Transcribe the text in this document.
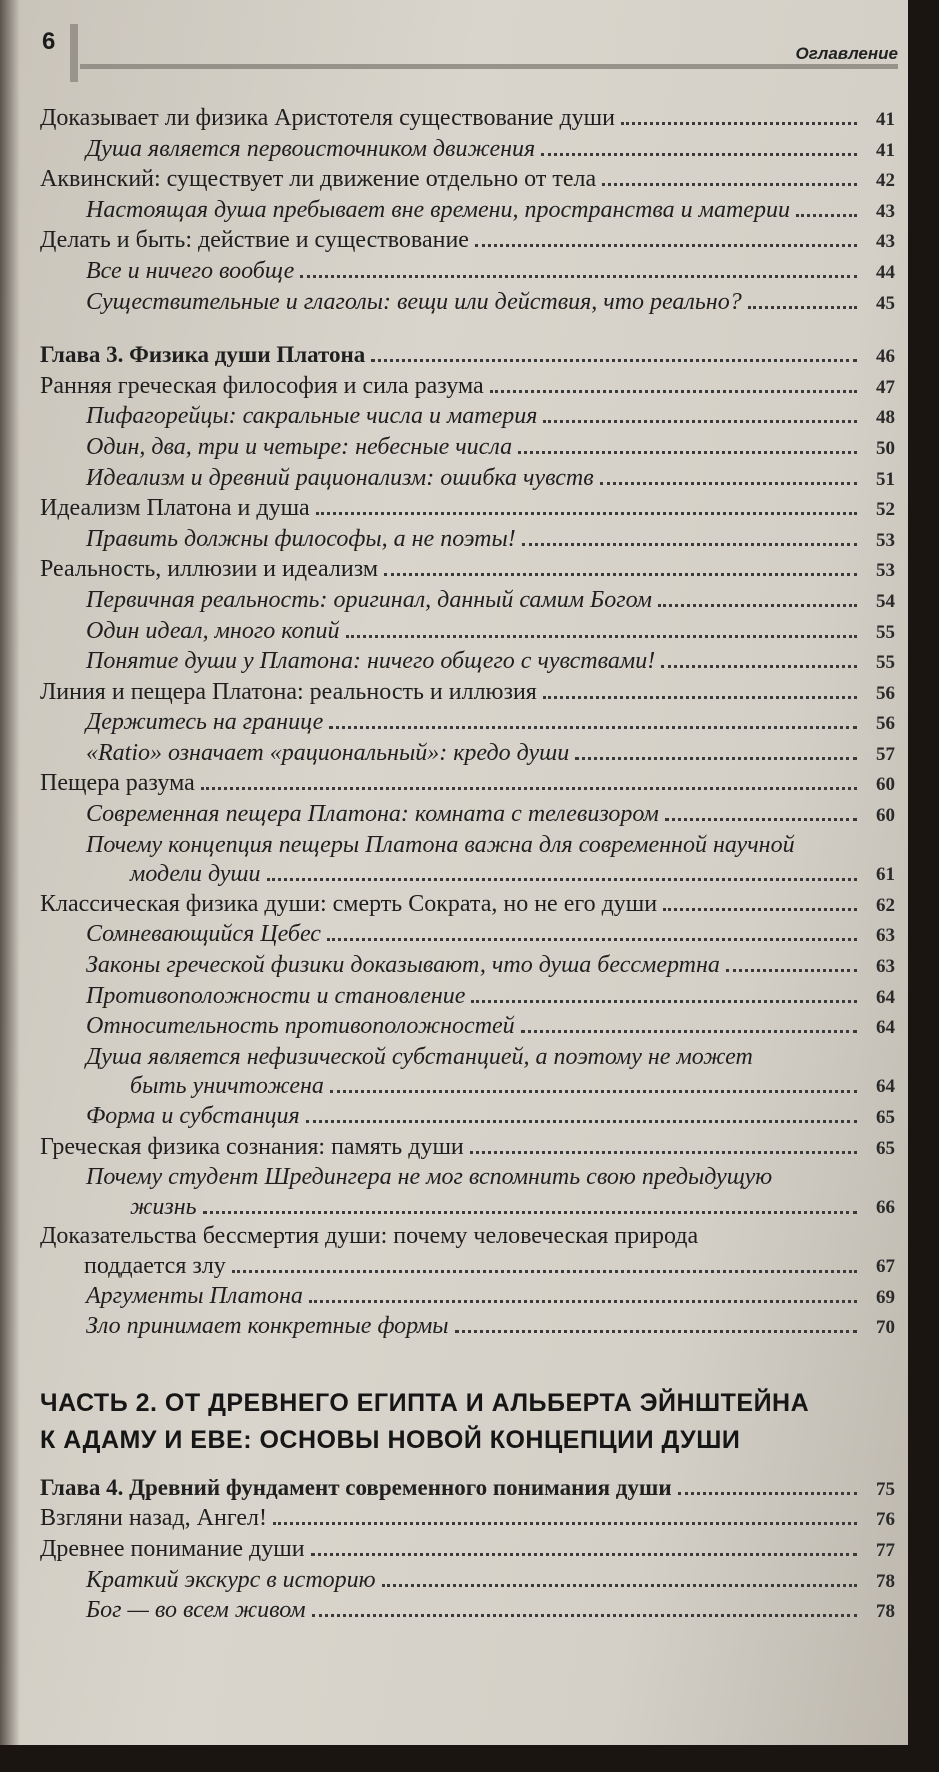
6	Оглавление
Доказывает ли физика Аристотеля существование души	41
Душа является первоисточником движения	41
Аквинский: существует ли движение отдельно от тела	42
Настоящая душа пребывает вне времени, пространства и материи	43
Делать и быть: действие и существование	43
Все и ничего вообще	44
Существительные и глаголы: вещи или действия, что реально?	45
Глава 3. Физика души Платона	46
Ранняя греческая философия и сила разума	47
Пифагорейцы: сакральные числа и материя	48
Один, два, три и четыре: небесные числа	50
Идеализм и древний рационализм: ошибка чувств	51
Идеализм Платона и душа	52
Править должны философы, а не поэты!	53
Реальность, иллюзии и идеализм	53
Первичная реальность: оригинал, данный самим Богом	54
Один идеал, много копий	55
Понятие души у Платона: ничего общего с чувствами!	55
Линия и пещера Платона: реальность и иллюзия	56
Держитесь на границе	56
«Ratio» означает «рациональный»: кредо души	57
Пещера разума	60
Современная пещера Платона: комната с телевизором	60
Почему концепция пещеры Платона важна для современной научной
модели души	61
Классическая физика души: смерть Сократа, но не его души	62
Сомневающийся Цебес	63
Законы греческой физики доказывают, что душа бессмертна	63
Противоположности и становление	64
Относительность противоположностей	64
Душа является нефизической субстанцией, а поэтому не может
быть уничтожена	64
Форма и субстанция	65
Греческая физика сознания: память души	65
Почему студент Шредингера не мог вспомнить свою предыдущую
жизнь	66
Доказательства бессмертия души: почему человеческая природа
поддается злу	67
Аргументы Платона	69
Зло принимает конкретные формы	70
ЧАСТЬ 2. ОТ ДРЕВНЕГО ЕГИПТА И АЛЬБЕРТА ЭЙНШТЕЙНА
К АДАМУ И ЕВЕ: ОСНОВЫ НОВОЙ КОНЦЕПЦИИ ДУШИ
Глава 4. Древний фундамент современного понимания души	75
Взгляни назад, Ангел!	76
Древнее понимание души	77
Краткий экскурс в историю	78
Бог — во всем живом	78
